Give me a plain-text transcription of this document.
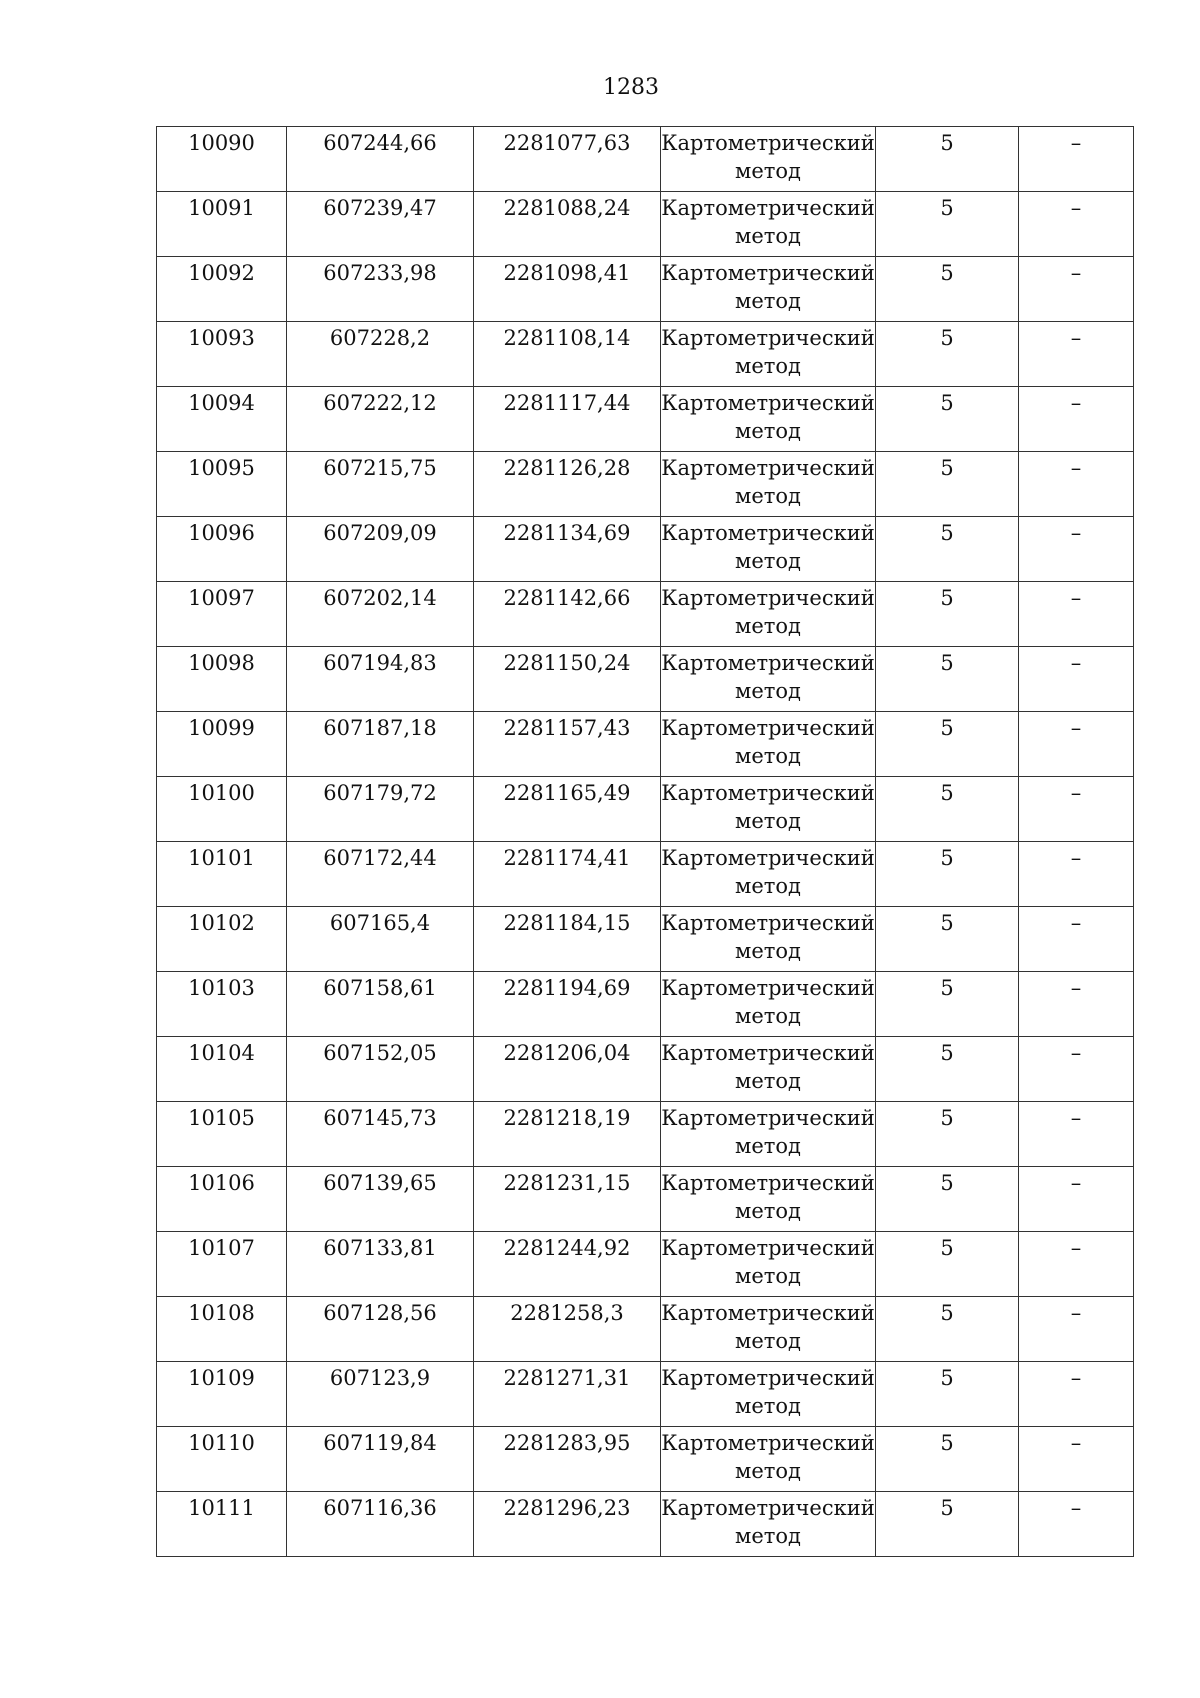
1283
10090	607244,66	2281077,63	Картометрический метод	5	–

10091	607239,47	2281088,24	Картометрический метод	5	–

10092	607233,98	2281098,41	Картометрический метод	5	–

10093	607228,2	2281108,14	Картометрический метод	5	–

10094	607222,12	2281117,44	Картометрический метод	5	–

10095	607215,75	2281126,28	Картометрический метод	5	–

10096	607209,09	2281134,69	Картометрический метод	5	–

10097	607202,14	2281142,66	Картометрический метод	5	–

10098	607194,83	2281150,24	Картометрический метод	5	–

10099	607187,18	2281157,43	Картометрический метод	5	–

10100	607179,72	2281165,49	Картометрический метод	5	–

10101	607172,44	2281174,41	Картометрический метод	5	–

10102	607165,4	2281184,15	Картометрический метод	5	–

10103	607158,61	2281194,69	Картометрический метод	5	–

10104	607152,05	2281206,04	Картометрический метод	5	–

10105	607145,73	2281218,19	Картометрический метод	5	–

10106	607139,65	2281231,15	Картометрический метод	5	–

10107	607133,81	2281244,92	Картометрический метод	5	–

10108	607128,56	2281258,3	Картометрический метод	5	–

10109	607123,9	2281271,31	Картометрический метод	5	–

10110	607119,84	2281283,95	Картометрический метод	5	–

10111	607116,36	2281296,23	Картометрический метод	5	–
